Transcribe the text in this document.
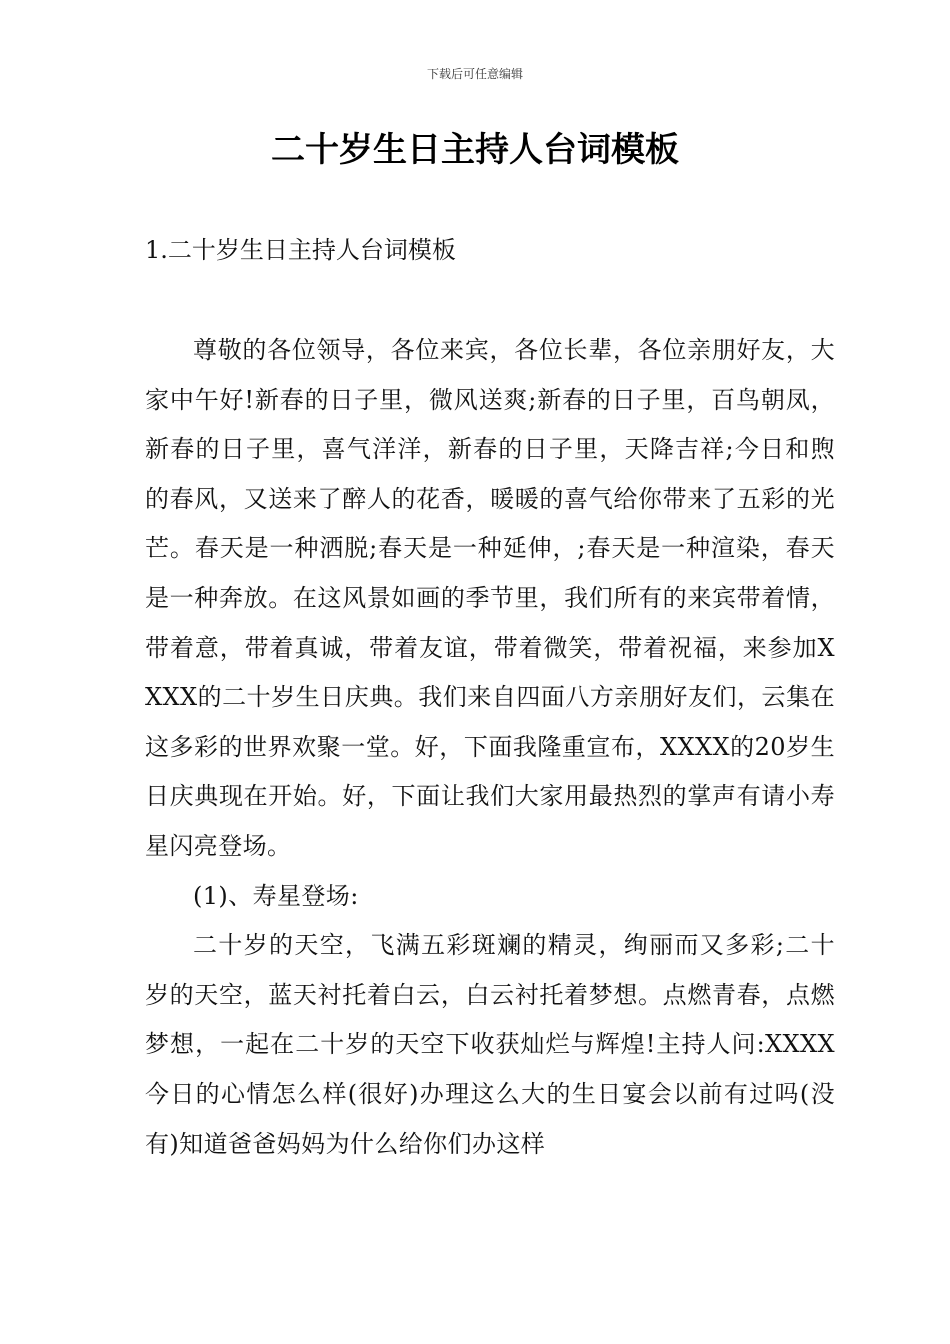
下载后可任意编辑
二十岁生日主持人台词模板
1.二十岁生日主持人台词模板

尊敬的各位领导，各位来宾，各位长辈，各位亲朋好友，大家中午好!新春的日子里，微风送爽;新春的日子里，百鸟朝凤，新春的日子里，喜气洋洋，新春的日子里，天降吉祥;今日和煦的春风，又送来了醉人的花香，暖暖的喜气给你带来了五彩的光芒。春天是一种洒脱;春天是一种延伸，;春天是一种渲染，春天是一种奔放。在这风景如画的季节里，我们所有的来宾带着情，带着意，带着真诚，带着友谊，带着微笑，带着祝福，来参加XXXX的二十岁生日庆典。我们来自四面八方亲朋好友们，云集在这多彩的世界欢聚一堂。好，下面我隆重宣布，XXXX的20岁生日庆典现在开始。好，下面让我们大家用最热烈的掌声有请小寿星闪亮登场。

(1)、寿星登场:

二十岁的天空，飞满五彩斑斓的精灵，绚丽而又多彩;二十岁的天空，蓝天衬托着白云，白云衬托着梦想。点燃青春，点燃梦想，一起在二十岁的天空下收获灿烂与辉煌!主持人问:XXXX今日的心情怎么样(很好)办理这么大的生日宴会以前有过吗(没有)知道爸爸妈妈为什么给你们办这样
